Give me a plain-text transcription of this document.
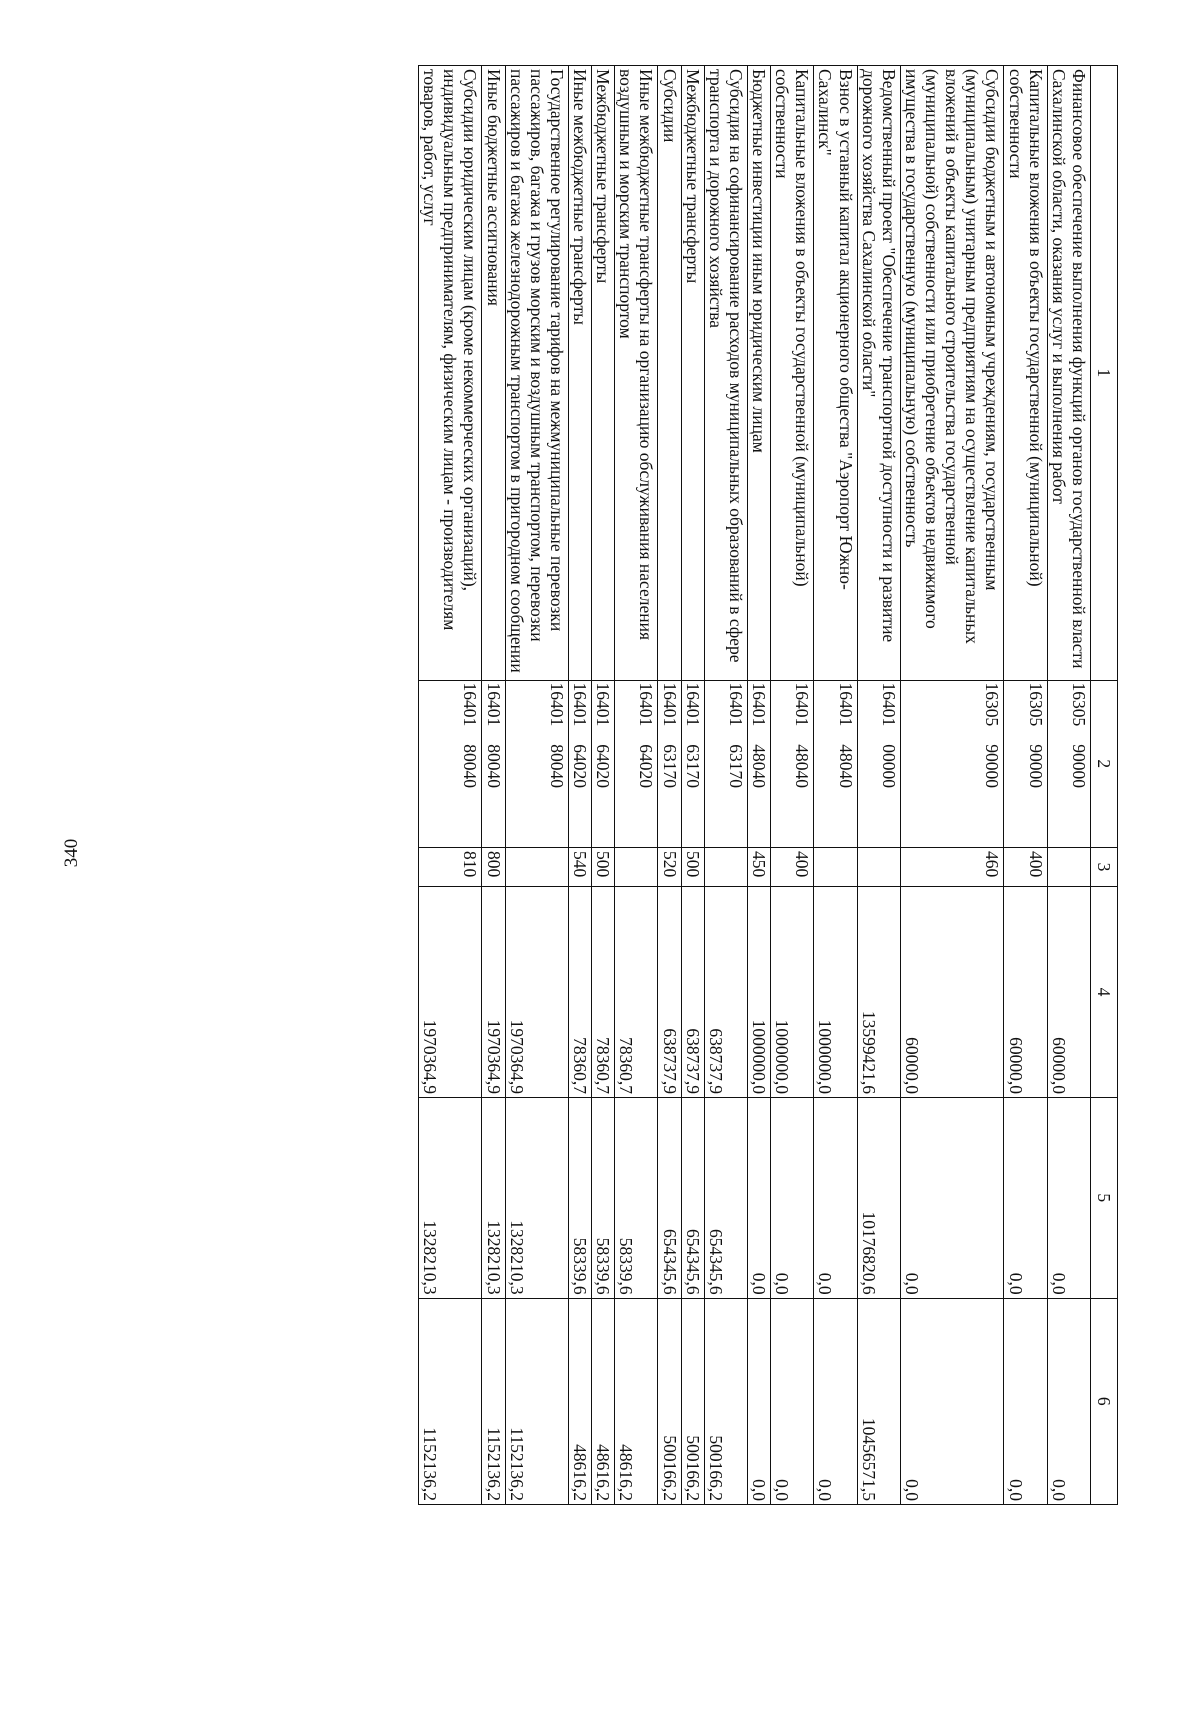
340
1	2	3	4	5	6
Финансовое обеспечение выполнения функций органов государственной власти Сахалинской области, оказания услуг и выполнения работ	1630590000		60000,0	0,0	0,0
Капитальные вложения в объекты государственной (муниципальной) собственности	1630590000	400	60000,0	0,0	0,0
Субсидии бюджетным и автономным учреждениям, государственным (муниципальным) унитарным предприятиям на осуществление капитальных вложений в объекты капитального строительства государственной (муниципальной) собственности или приобретение объектов недвижимого имущества в государственную (муниципальную) собственность	1630590000	460	60000,0	0,0	0,0
Ведомственный проект "Обеспечение транспортной доступности и развитие дорожного хозяйства Сахалинской области"	1640100000		13599421,6	10176820,6	10456571,5
Взнос в уставный капитал акционерного общества "Аэропорт Южно-Сахалинск"	1640148040		1000000,0	0,0	0,0
Капитальные вложения в объекты государственной (муниципальной) собственности	1640148040	400	1000000,0	0,0	0,0
Бюджетные инвестиции иным юридическим лицам	1640148040	450	1000000,0	0,0	0,0
Субсидия на софинансирование расходов муниципальных образований в сфере транспорта и дорожного хозяйства	1640163170		638737,9	654345,6	500166,2
Межбюджетные трансферты	1640163170	500	638737,9	654345,6	500166,2
Субсидии	1640163170	520	638737,9	654345,6	500166,2
Иные межбюджетные трансферты на организацию обслуживания населения воздушным и морским транспортом	1640164020		78360,7	58339,6	48616,2
Межбюджетные трансферты	1640164020	500	78360,7	58339,6	48616,2
Иные межбюджетные трансферты	1640164020	540	78360,7	58339,6	48616,2
Государственное регулирование тарифов на межмуниципальные перевозки пассажиров, багажа и грузов морским и воздушным транспортом, перевозки пассажиров и багажа железнодорожным транспортом в пригородном сообщении	1640180040		1970364,9	1328210,3	1152136,2
Иные бюджетные ассигнования	1640180040	800	1970364,9	1328210,3	1152136,2
Субсидии юридическим лицам (кроме некоммерческих организаций), индивидуальным предпринимателям, физическим лицам - производителям товаров, работ, услуг	1640180040	810	1970364,9	1328210,3	1152136,2
